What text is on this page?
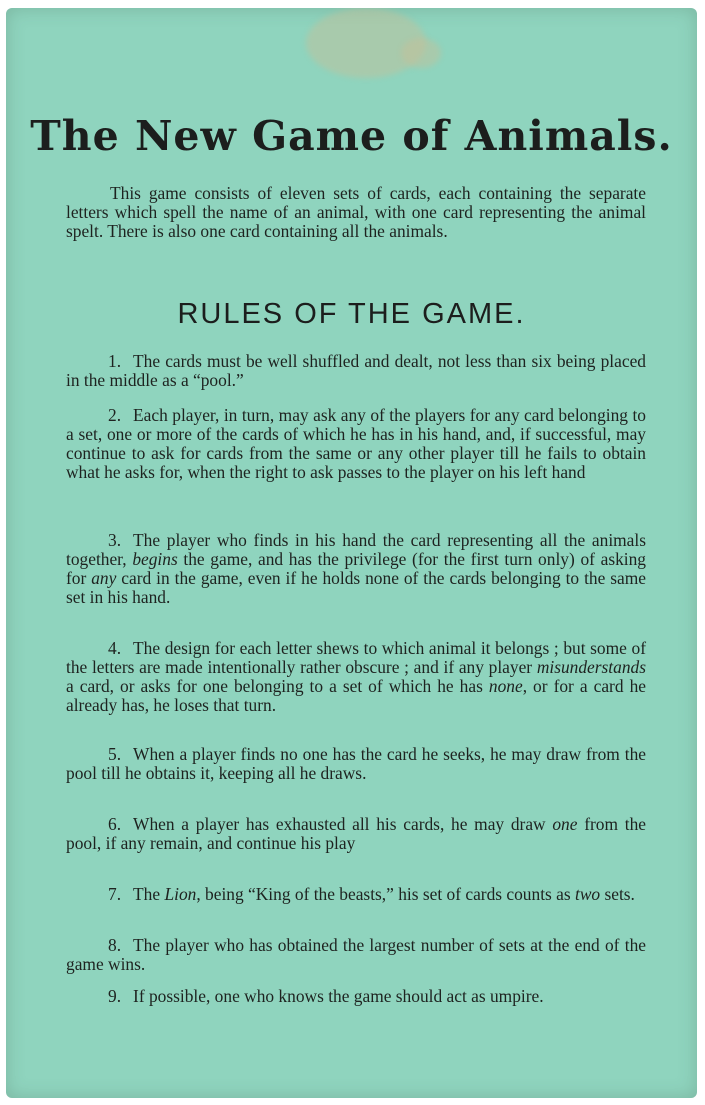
The New Game of Animals.
This game consists of eleven sets of cards, each containing the separate letters which spell the name of an animal, with one card representing the animal spelt. There is also one card containing all the animals.
RULES OF THE GAME.
1. The cards must be well shuffled and dealt, not less than six being placed in the middle as a “pool.”
2. Each player, in turn, may ask any of the players for any card belonging to a set, one or more of the cards of which he has in his hand, and, if successful, may continue to ask for cards from the same or any other player till he fails to obtain what he asks for, when the right to ask passes to the player on his left hand
3. The player who finds in his hand the card representing all the animals together, begins the game, and has the privilege (for the first turn only) of asking for any card in the game, even if he holds none of the cards belonging to the same set in his hand.
4. The design for each letter shews to which animal it belongs ; but some of the letters are made intentionally rather obscure ; and if any player misunderstands a card, or asks for one belonging to a set of which he has none, or for a card he already has, he loses that turn.
5. When a player finds no one has the card he seeks, he may draw from the pool till he obtains it, keeping all he draws.
6. When a player has exhausted all his cards, he may draw one from the pool, if any remain, and continue his play
7. The Lion, being “King of the beasts,” his set of cards counts as two sets.
8. The player who has obtained the largest number of sets at the end of the game wins.
9. If possible, one who knows the game should act as umpire.
